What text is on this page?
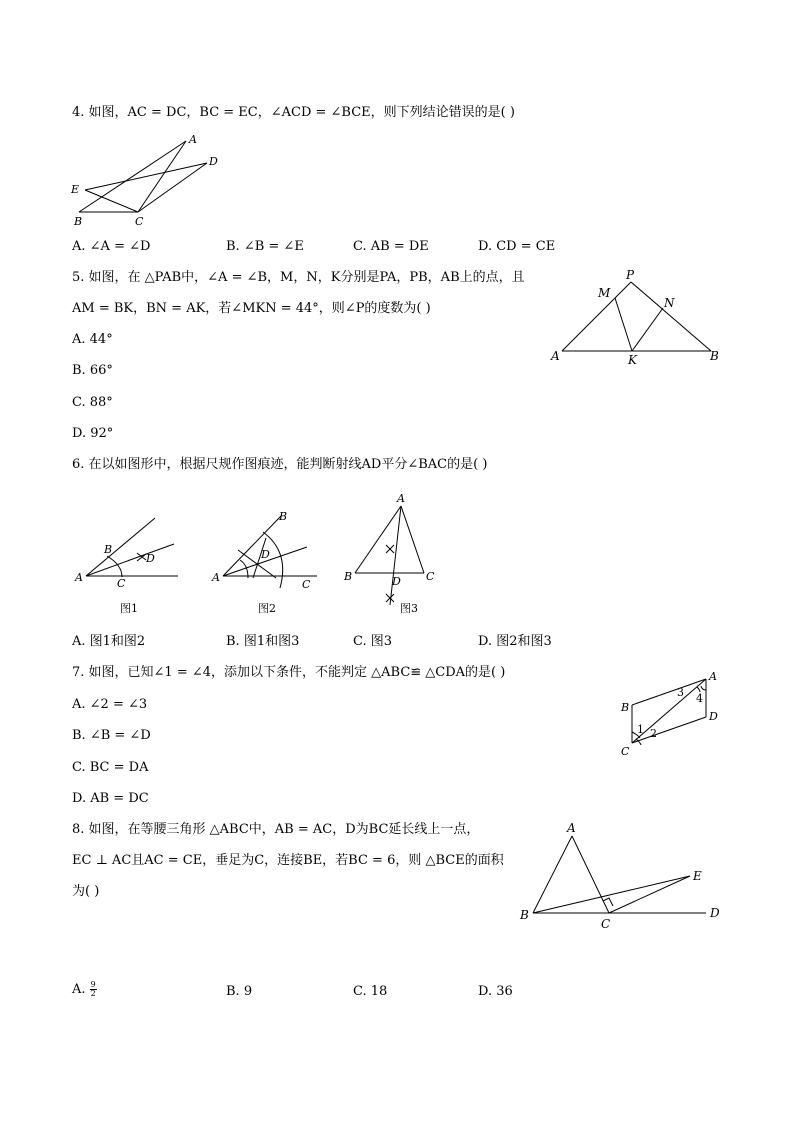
4. 如图，AC = DC，BC = EC，∠ACD = ∠BCE，则下列结论错误的是( )
A
D
E
B	C
A. ∠A = ∠D	B. ∠B = ∠E	C. AB = DE	D. CD = CE
5. 如图，在 △PAB中，∠A = ∠B，M，N，K分别是PA，PB，AB上的点，且
AM = BK，BN = AK，若∠MKN = 44°，则∠P的度数为( )
A. 44°
B. 66°
C. 88°
D. 92°
P
M
N
A	K	B
6. 在以如图形中，根据尺规作图痕迹，能判断射线AD平分∠BAC的是( )
A
B
D
C
图1
A
B
D
C
图2
A
B	C
D
图3
A. 图1和图2	B. 图1和图3	C. 图3	D. 图2和图3
7. 如图，已知∠1 = ∠4，添加以下条件，不能判定 △ABC≌ △CDA的是( )
A. ∠2 = ∠3
B. ∠B = ∠D
C. BC = DA
D. AB = DC
A
B
C
D
1 2
3 4
8. 如图，在等腰三角形 △ABC中，AB = AC，D为BC延长线上一点，
EC ⊥ AC且AC = CE，垂足为C，连接BE，若BC = 6，则 △BCE的面积
为( )
A
B
C
D
E
A. $\frac{9}{2}$	B. 9	C. 18	D. 36
